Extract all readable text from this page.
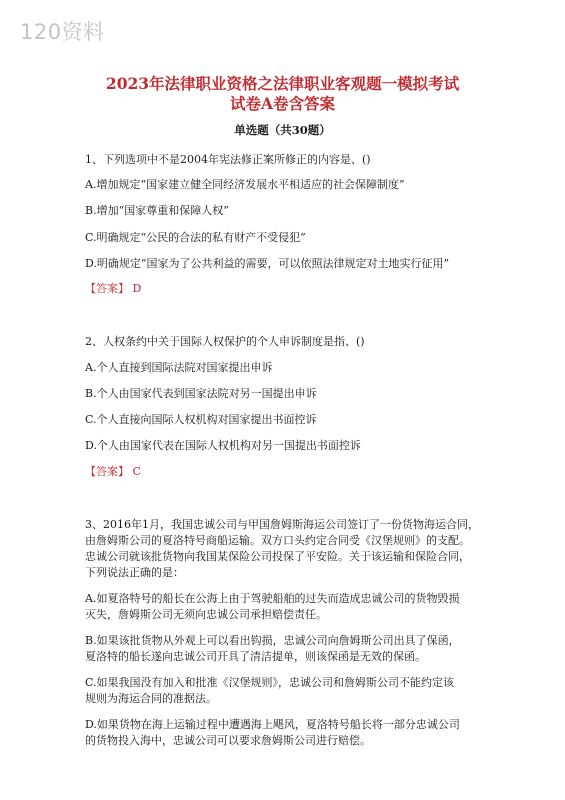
120资料
2023年法律职业资格之法律职业客观题一模拟考试
试卷A卷含答案
单选题（共30题）
1、下列选项中不是2004年宪法修正案所修正的内容是、()
A.增加规定“国家建立健全同经济发展水平相适应的社会保障制度”
B.增加“国家尊重和保障人权”
C.明确规定“公民的合法的私有财产不受侵犯”
D.明确规定“国家为了公共利益的需要，可以依照法律规定对土地实行征用”
【答案】 D
2、人权条约中关于国际人权保护的个人申诉制度是指、()
A.个人直接到国际法院对国家提出申诉
B.个人由国家代表到国家法院对另一国提出申诉
C.个人直接向国际人权机构对国家提出书面控诉
D.个人由国家代表在国际人权机构对另一国提出书面控诉
【答案】 C
3、2016年1月，我国忠诚公司与甲国詹姆斯海运公司签订了一份货物海运合同，
由詹姆斯公司的夏洛特号商船运输。双方口头约定合同受《汉堡规则》的支配。
忠诚公司就该批货物向我国某保险公司投保了平安险。关于该运输和保险合同，
下列说法正确的是：
A.如夏洛特号的船长在公海上由于驾驶船舶的过失而造成忠诚公司的货物毁损
灭失，詹姆斯公司无须向忠诚公司承担赔偿责任。
B.如果该批货物从外观上可以看出钩损，忠诚公司向詹姆斯公司出具了保函，
夏洛特的船长遂向忠诚公司开具了清洁提单，则该保函是无效的保函。
C.如果我国没有加入和批准《汉堡规则》，忠诚公司和詹姆斯公司不能约定该
规则为海运合同的准据法。
D.如果货物在海上运输过程中遭遇海上飓风，夏洛特号船长将一部分忠诚公司
的货物投入海中，忠诚公司可以要求詹姆斯公司进行赔偿。
